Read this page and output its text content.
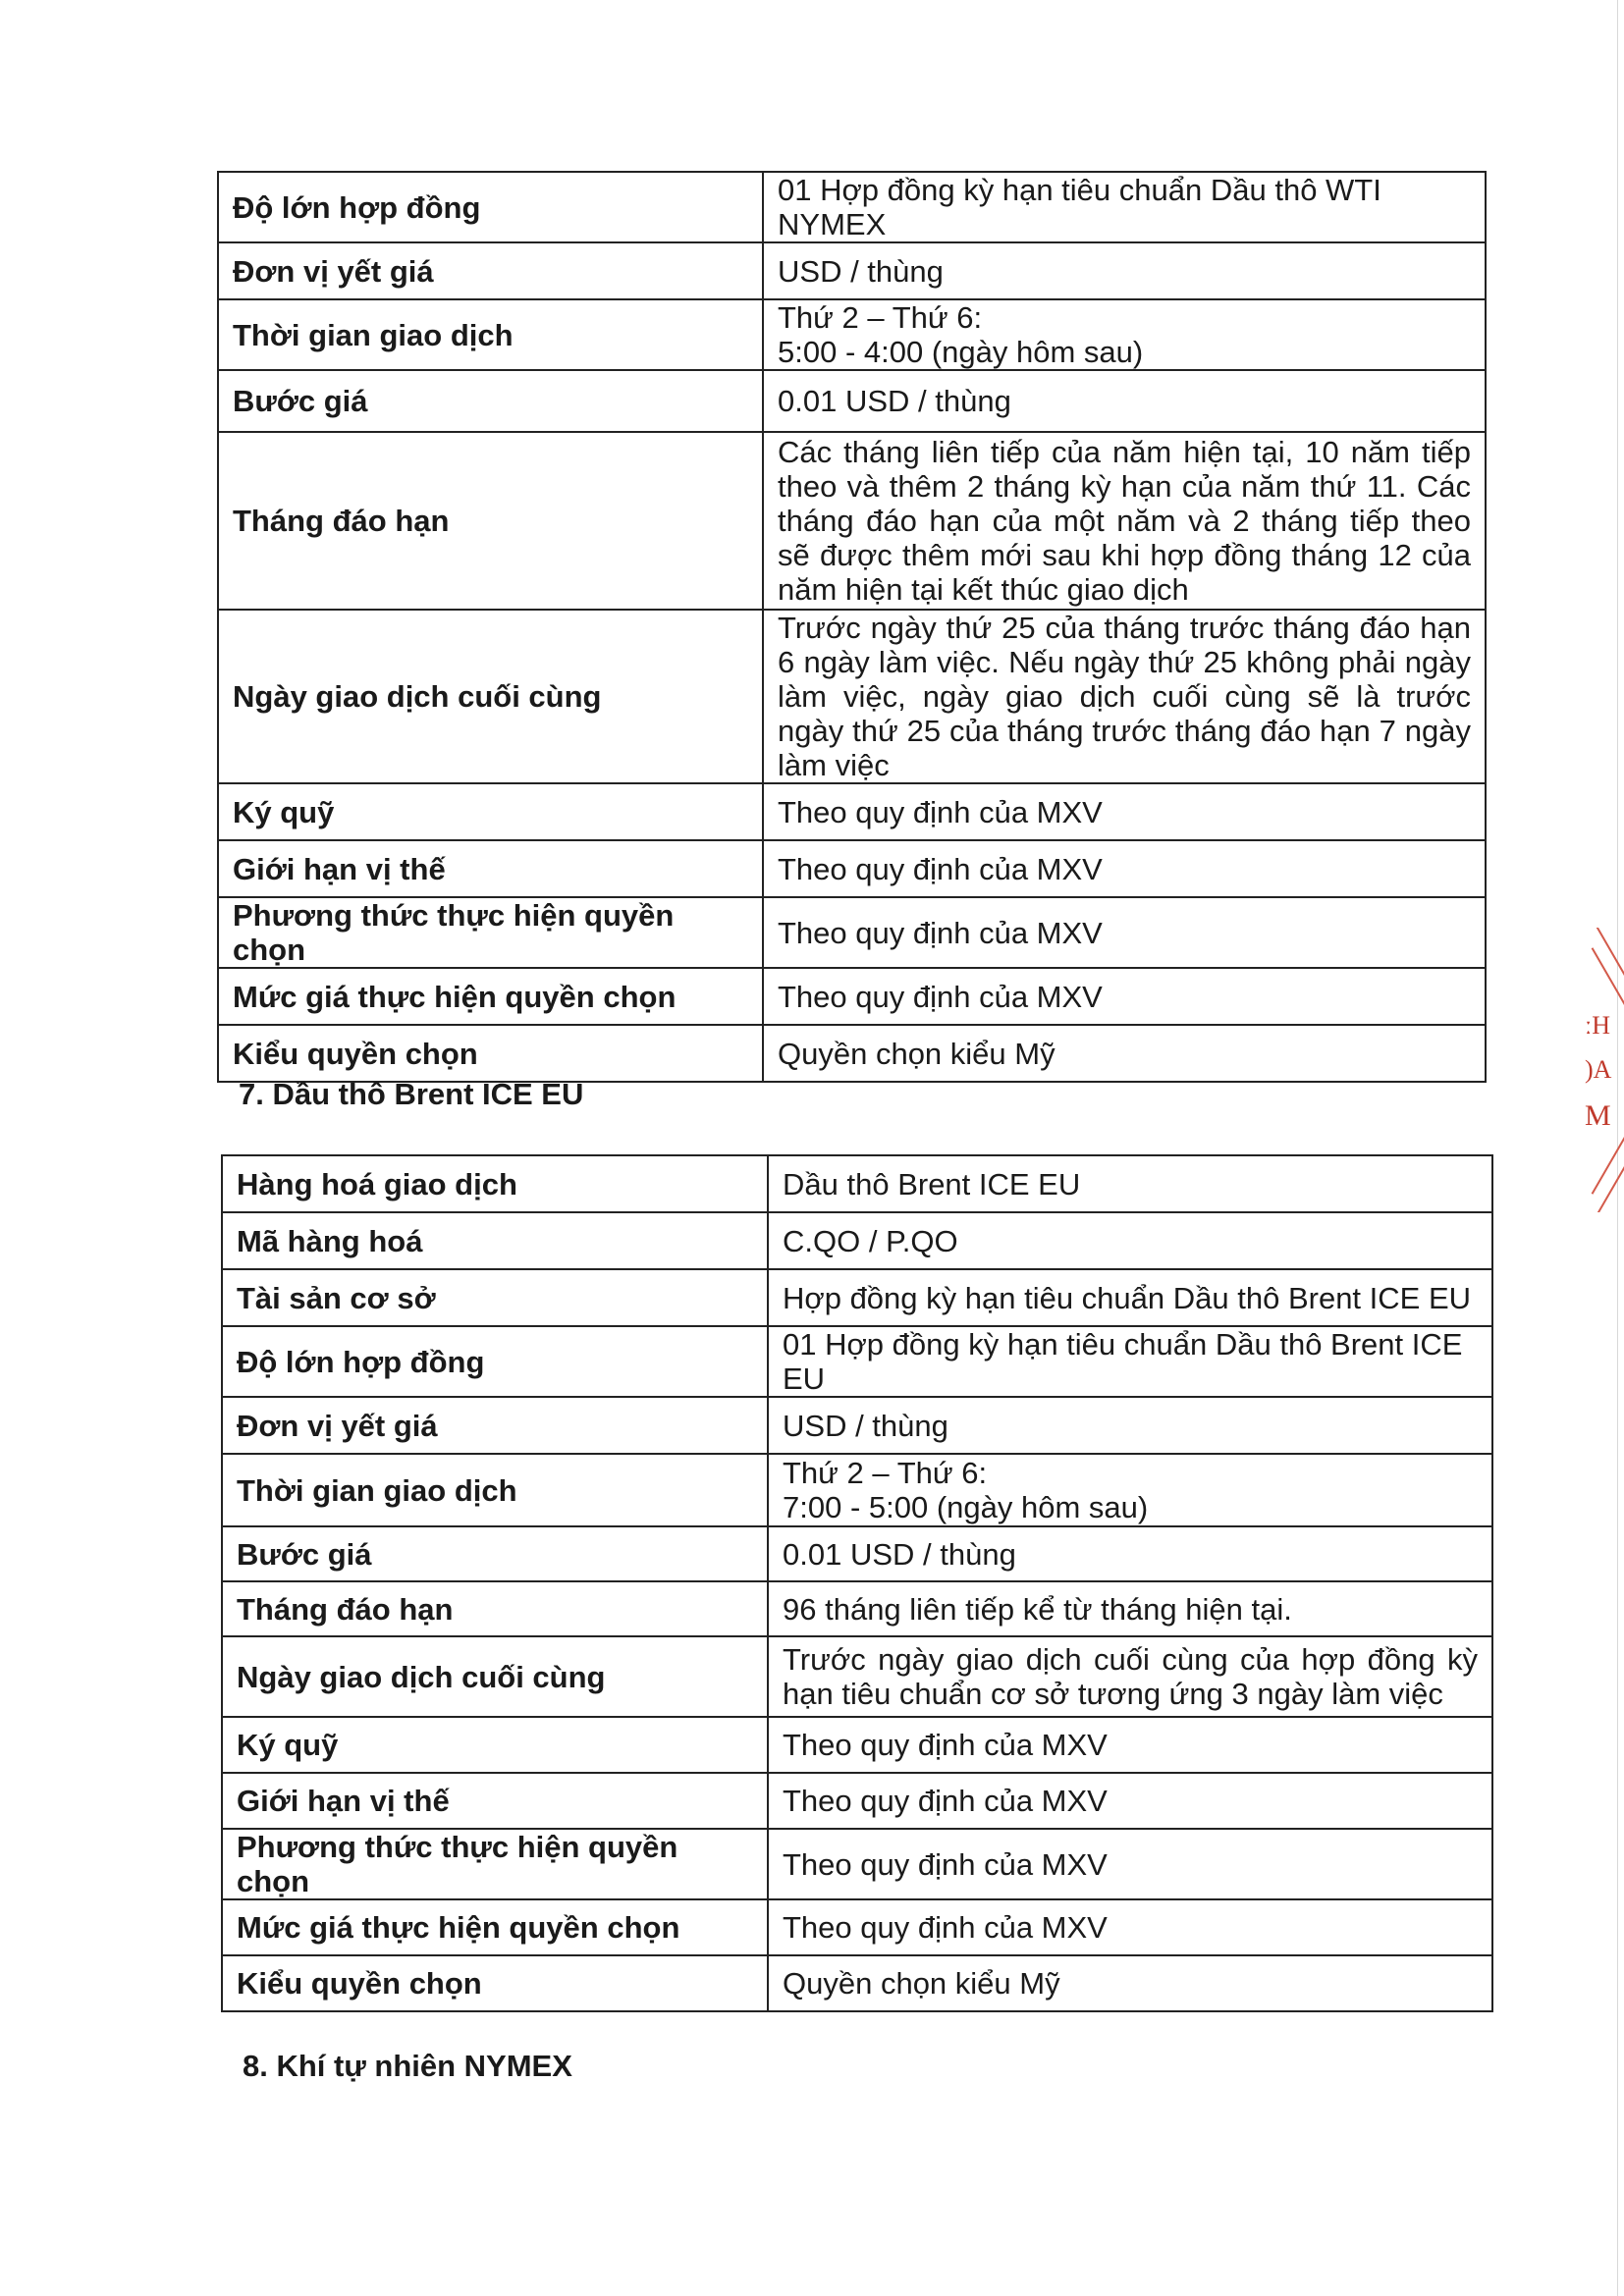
Độ lớn hợp đồng	01 Hợp đồng kỳ hạn tiêu chuẩn Dầu thô WTI NYMEX
Đơn vị yết giá	USD / thùng
Thời gian giao dịch	Thứ 2 – Thứ 6:
5:00 - 4:00 (ngày hôm sau)

Bước giá	0.01 USD / thùng
Tháng đáo hạn	Các tháng liên tiếp của năm hiện tại, 10 năm tiếp theo và thêm 2 tháng kỳ hạn của năm thứ 11. Các tháng đáo hạn của một năm và 2 tháng tiếp theo sẽ được thêm mới sau khi hợp đồng tháng 12 của năm hiện tại kết thúc giao dịch
Ngày giao dịch cuối cùng	Trước ngày thứ 25 của tháng trước tháng đáo hạn 6 ngày làm việc. Nếu ngày thứ 25 không phải ngày làm việc, ngày giao dịch cuối cùng sẽ là trước ngày thứ 25 của tháng trước tháng đáo hạn 7 ngày làm việc
Ký quỹ	Theo quy định của MXV
Giới hạn vị thế	Theo quy định của MXV
Phương thức thực hiện quyền chọn	Theo quy định của MXV
Mức giá thực hiện quyền chọn	Theo quy định của MXV
Kiểu quyền chọn	Quyền chọn kiểu Mỹ
7. Dầu thô Brent ICE EU
Hàng hoá giao dịch	Dầu thô Brent ICE EU
Mã hàng hoá	C.QO / P.QO
Tài sản cơ sở	Hợp đồng kỳ hạn tiêu chuẩn Dầu thô Brent ICE EU
Độ lớn hợp đồng	01 Hợp đồng kỳ hạn tiêu chuẩn Dầu thô Brent ICE EU
Đơn vị yết giá	USD / thùng
Thời gian giao dịch	Thứ 2 – Thứ 6:
7:00 - 5:00 (ngày hôm sau)

Bước giá	0.01 USD / thùng
Tháng đáo hạn	96 tháng liên tiếp kể từ tháng hiện tại.
Ngày giao dịch cuối cùng	Trước ngày giao dịch cuối cùng của hợp đồng kỳ hạn tiêu chuẩn cơ sở tương ứng 3 ngày làm việc
Ký quỹ	Theo quy định của MXV
Giới hạn vị thế	Theo quy định của MXV
Phương thức thực hiện quyền chọn	Theo quy định của MXV
Mức giá thực hiện quyền chọn	Theo quy định của MXV
Kiểu quyền chọn	Quyền chọn kiểu Mỹ
8. Khí tự nhiên NYMEX
ːH
)A
M
